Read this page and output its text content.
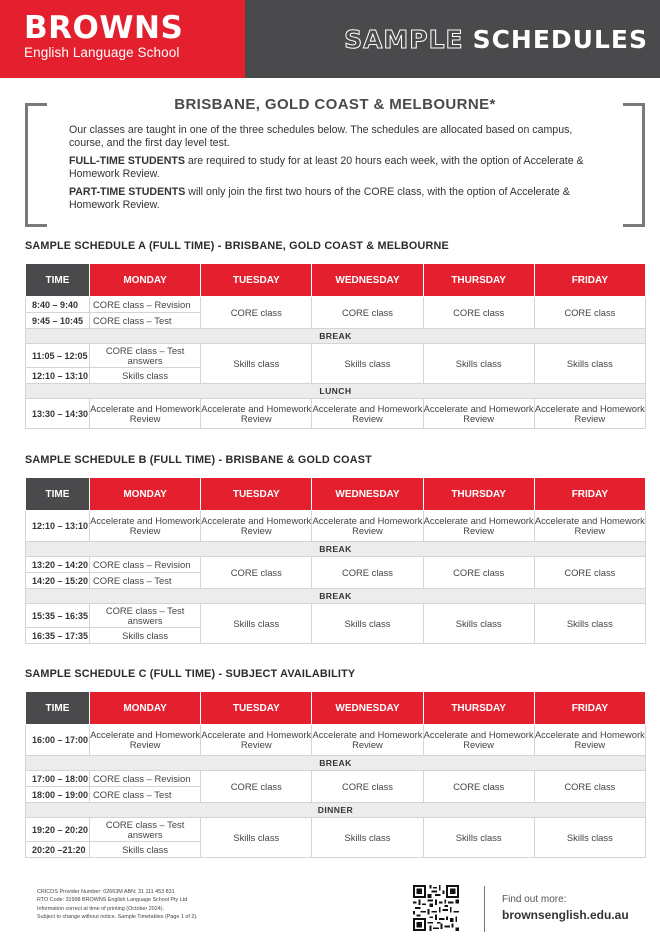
BROWNS
English Language School	SAMPLE SCHEDULES
BRISBANE, GOLD COAST & MELBOURNE*

Our classes are taught in one of the three schedules below. The schedules are allocated based on campus, course, and the first day level test.

FULL-TIME STUDENTS are required to study for at least 20 hours each week, with the option of Accelerate & Homework Review.

PART-TIME STUDENTS will only join the first two hours of the CORE class, with the option of Accelerate & Homework Review.

SAMPLE SCHEDULE A (FULL TIME) - BRISBANE, GOLD COAST & MELBOURNE
TIME	MONDAY	TUESDAY	WEDNESDAY	THURSDAY	FRIDAY
8:40 – 9:40	CORE class – Revision	CORE class	CORE class	CORE class	CORE class
9:45 – 10:45	CORE class – Test				
BREAK					
11:05 – 12:05	CORE class – Test answers	Skills class	Skills class	Skills class	Skills class
12:10 – 13:10	Skills class				
LUNCH					
13:30 – 14:30	Accelerate and Homework Review	Accelerate and Homework Review	Accelerate and Homework Review	Accelerate and Homework Review	Accelerate and Homework Review
SAMPLE SCHEDULE B (FULL TIME) - BRISBANE & GOLD COAST
TIME	MONDAY	TUESDAY	WEDNESDAY	THURSDAY	FRIDAY
12:10 – 13:10	Accelerate and Homework Review	Accelerate and Homework Review	Accelerate and Homework Review	Accelerate and Homework Review	Accelerate and Homework Review
BREAK					
13:20 – 14:20	CORE class – Revision	CORE class	CORE class	CORE class	CORE class
14:20 – 15:20	CORE class – Test				
BREAK					
15:35 – 16:35	CORE class – Test answers	Skills class	Skills class	Skills class	Skills class
16:35 – 17:35	Skills class				
SAMPLE SCHEDULE C (FULL TIME) - SUBJECT AVAILABILITY
TIME	MONDAY	TUESDAY	WEDNESDAY	THURSDAY	FRIDAY
16:00 – 17:00	Accelerate and Homework Review	Accelerate and Homework Review	Accelerate and Homework Review	Accelerate and Homework Review	Accelerate and Homework Review
BREAK					
17:00 – 18:00	CORE class – Revision	CORE class	CORE class	CORE class	CORE class
18:00 – 19:00	CORE class – Test				
DINNER					
19:20 – 20:20	CORE class – Test answers	Skills class	Skills class	Skills class	Skills class
20:20 –21:20	Skills class				
CRICOS Provider Number: 02663M ABN: 31 111 453 831
RTO Code: 31998 BROWNS English Language School Pty Ltd
Information correct at time of printing (October 2024).
Subject to change without notice. Sample Timetables (Page 1 of 2).
Find out more:
brownsenglish.edu.au
